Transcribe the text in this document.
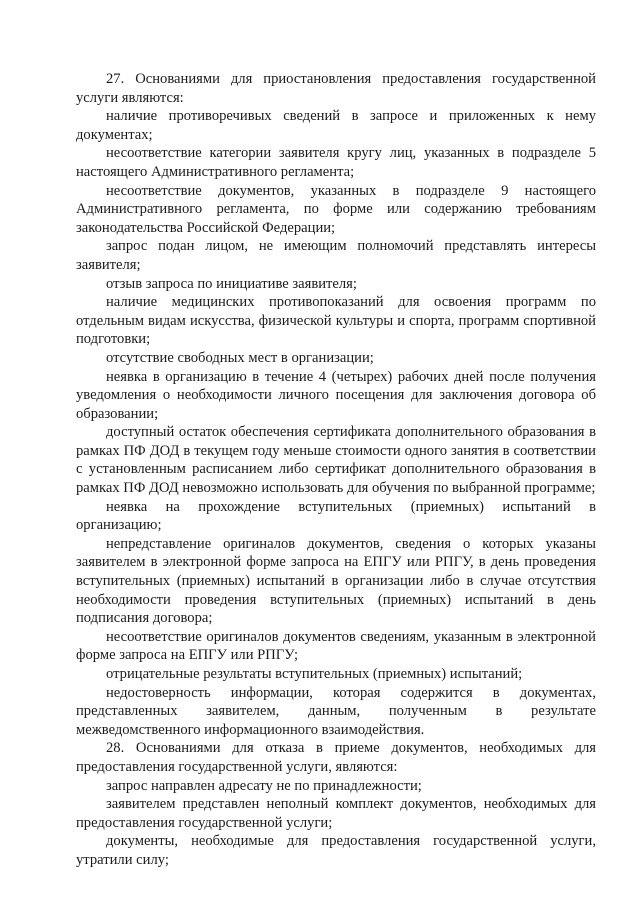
27. Основаниями для приостановления предоставления государственной услуги являются:

наличие противоречивых сведений в запросе и приложенных к нему документах;

несоответствие категории заявителя кругу лиц, указанных в подразделе 5 настоящего Административного регламента;

несоответствие документов, указанных в подразделе 9 настоящего Административного регламента, по форме или содержанию требованиям законодательства Российской Федерации;

запрос подан лицом, не имеющим полномочий представлять интересы заявителя;

отзыв запроса по инициативе заявителя;

наличие медицинских противопоказаний для освоения программ по отдельным видам искусства, физической культуры и спорта, программ спортивной подготовки;

отсутствие свободных мест в организации;

неявка в организацию в течение 4 (четырех) рабочих дней после получения уведомления о необходимости личного посещения для заключения договора об образовании;

доступный остаток обеспечения сертификата дополнительного образования в рамках ПФ ДОД в текущем году меньше стоимости одного занятия в соответствии с установленным расписанием либо сертификат дополнительного образования в рамках ПФ ДОД невозможно использовать для обучения по выбранной программе;

неявка на прохождение вступительных (приемных) испытаний в организацию;

непредставление оригиналов документов, сведения о которых указаны заявителем в электронной форме запроса на ЕПГУ или РПГУ, в день проведения вступительных (приемных) испытаний в организации либо в случае отсутствия необходимости проведения вступительных (приемных) испытаний в день подписания договора;

несоответствие оригиналов документов сведениям, указанным в электронной форме запроса на ЕПГУ или РПГУ;

отрицательные результаты вступительных (приемных) испытаний;

недостоверность информации, которая содержится в документах, представленных заявителем, данным, полученным в результате межведомственного информационного взаимодействия.

28. Основаниями для отказа в приеме документов, необходимых для предоставления государственной услуги, являются:

запрос направлен адресату не по принадлежности;

заявителем представлен неполный комплект документов, необходимых для предоставления государственной услуги;

документы, необходимые для предоставления государственной услуги, утратили силу;
